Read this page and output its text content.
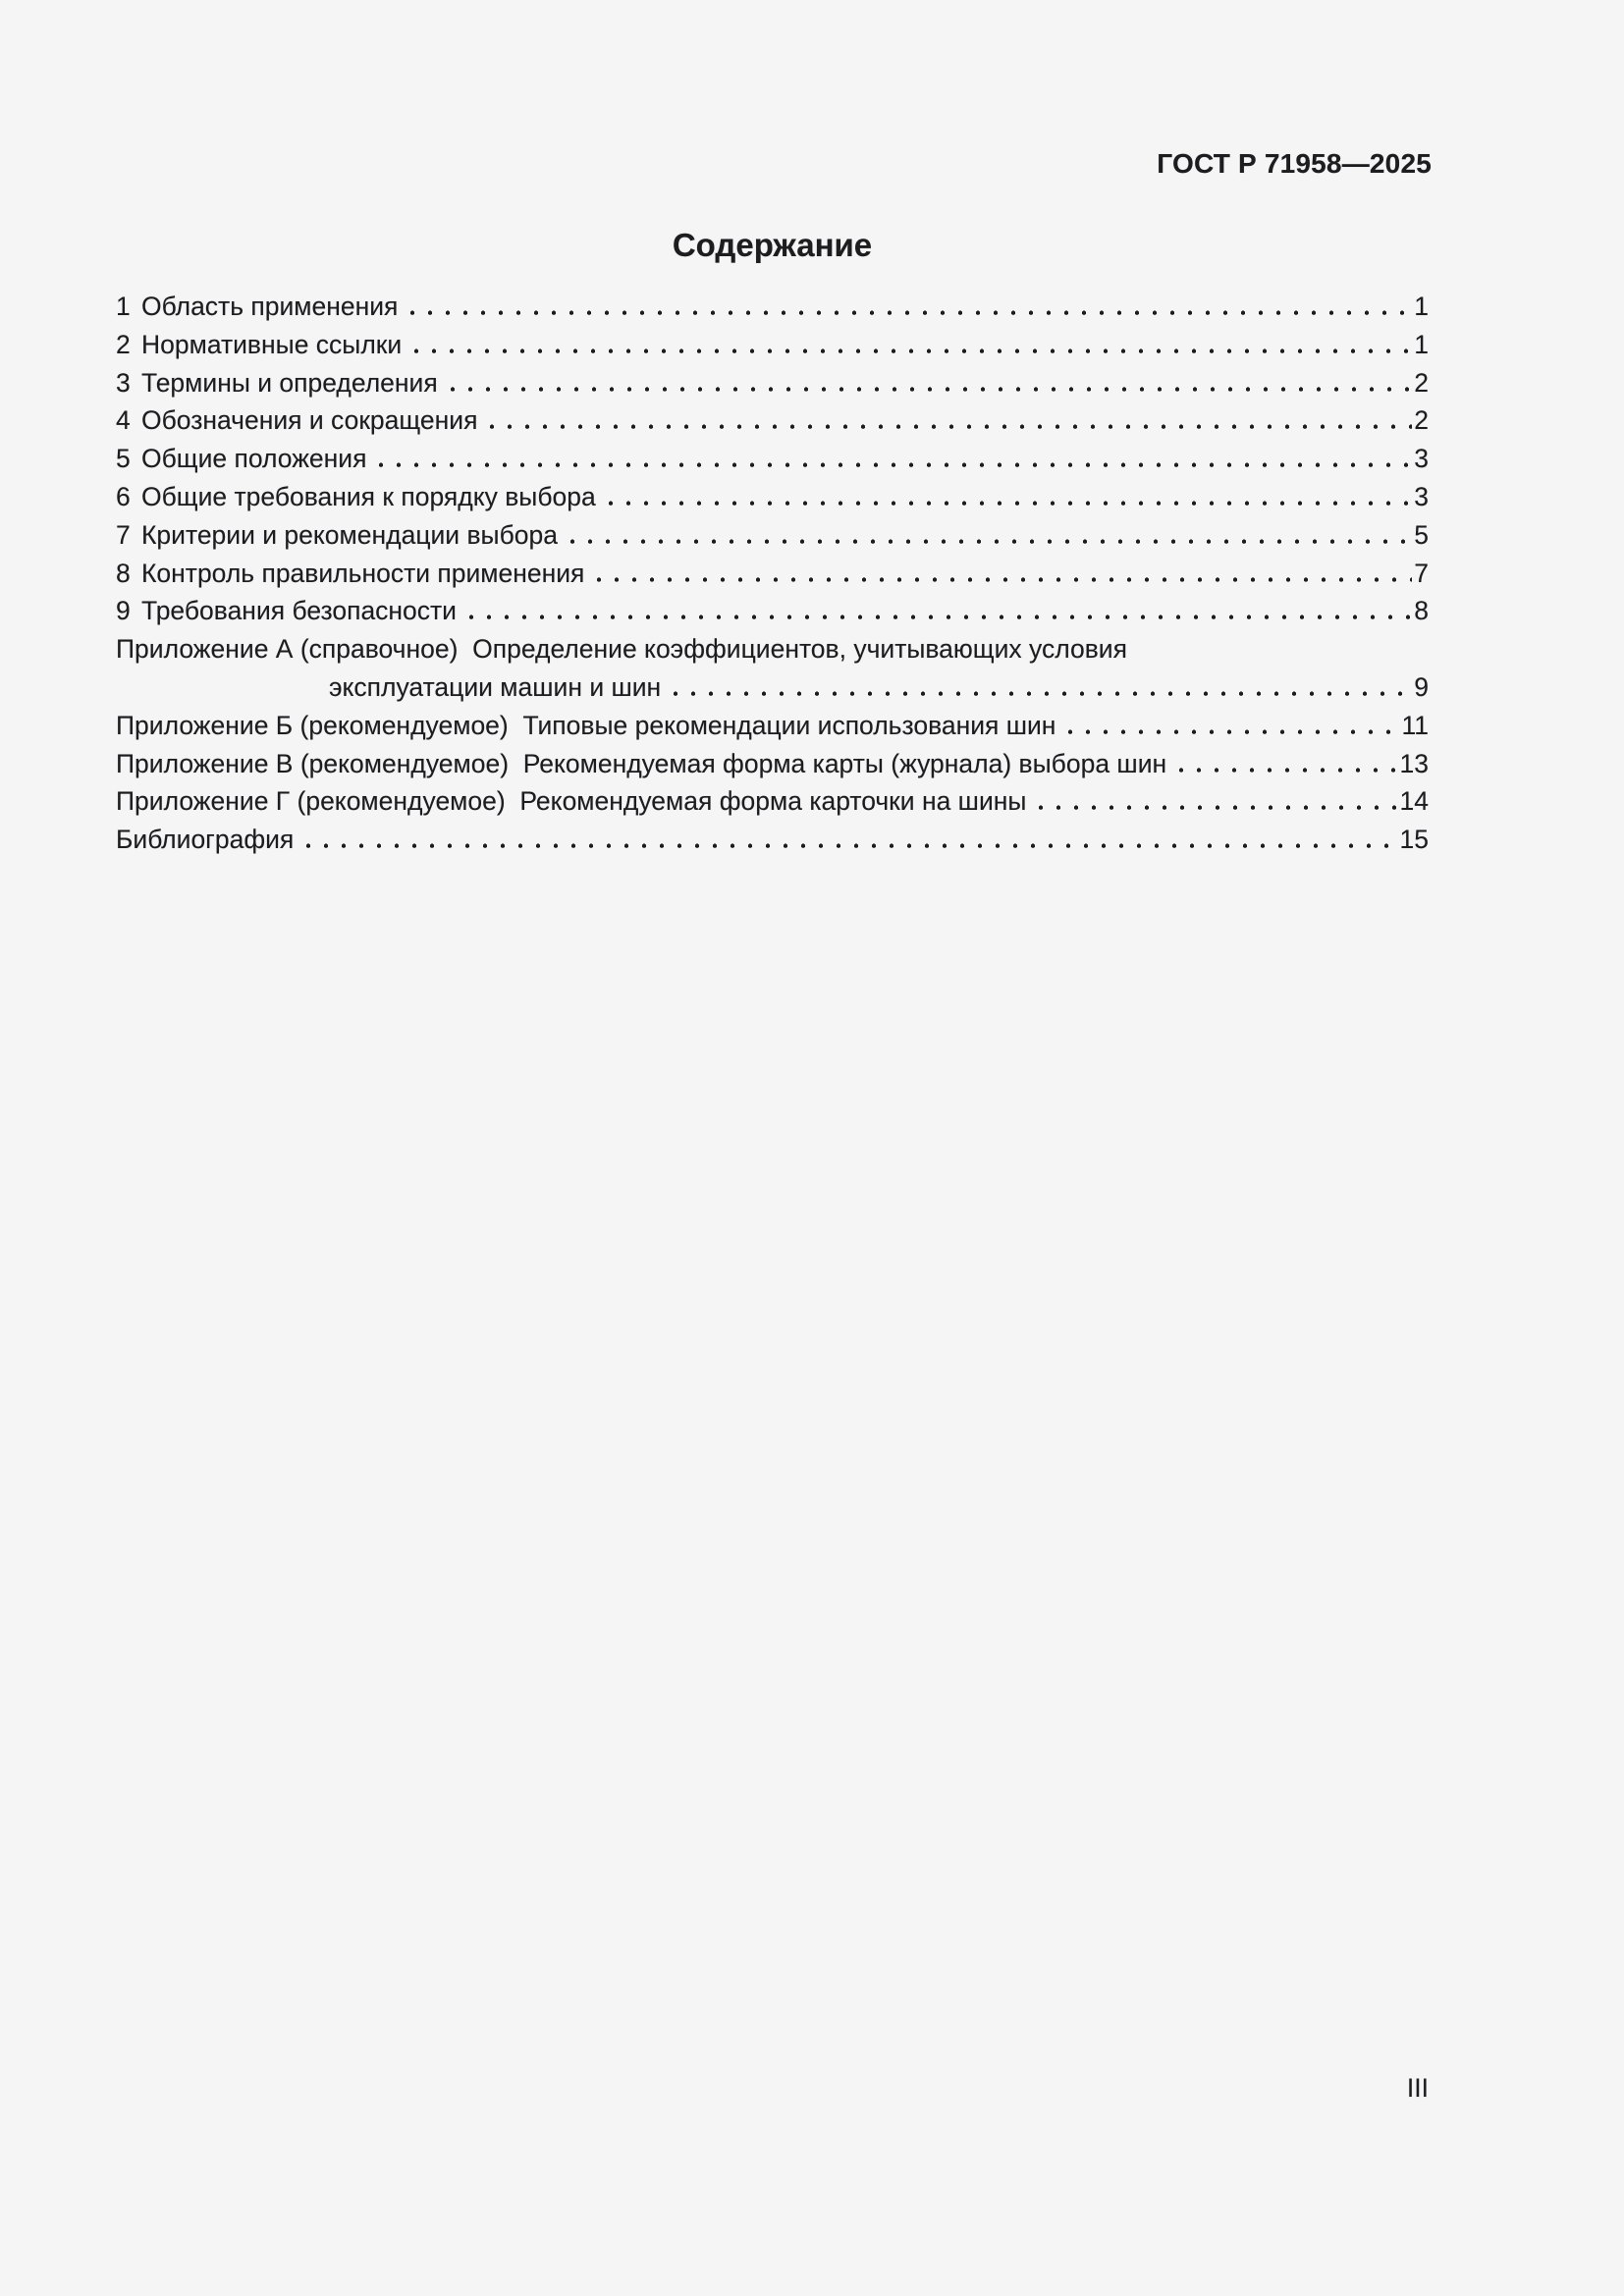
ГОСТ Р 71958—2025
Содержание
1 Область применения	1
2 Нормативные ссылки	1
3 Термины и определения	2
4 Обозначения и сокращения	2
5 Общие положения	3
6 Общие требования к порядку выбора	3
7 Критерии и рекомендации выбора	5
8 Контроль правильности применения	7
9 Требования безопасности	8
Приложение А (справочное)  Определение коэффициентов, учитывающих условия
эксплуатации машин и шин	9
Приложение Б (рекомендуемое)  Типовые рекомендации использования шин	11
Приложение В (рекомендуемое)  Рекомендуемая форма карты (журнала) выбора шин	13
Приложение Г (рекомендуемое)  Рекомендуемая форма карточки на шины	14
Библиография	15
III
